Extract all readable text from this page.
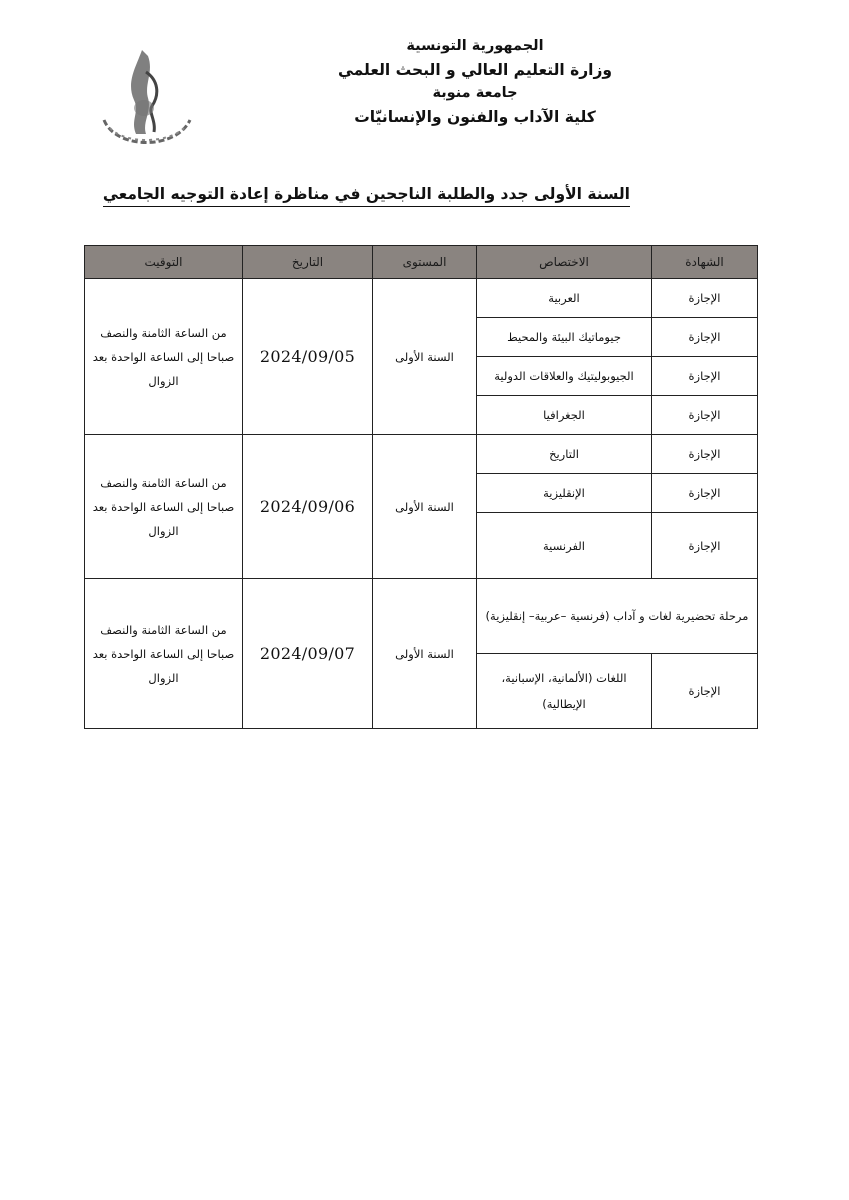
الجمهورية التونسية
وزارة التعليم العالي و البحث العلمي
جامعة منوبة
كلية الآداب والفنون والإنسانيّات
السنة الأولى جدد والطلبة الناجحين في مناظرة إعادة التوجيه الجامعي
الشهادة	الاختصاص	المستوى	التاريخ	التوقيت
الإجازة	العربية	السنة الأولى	2024/09/05	من الساعة الثامنة والنصف صباحا إلى الساعة الواحدة بعد الزوال
الإجازة	جيوماتيك البيئة والمحيط			
الإجازة	الجيوبوليتيك والعلاقات الدولية			
الإجازة	الجغرافيا			
الإجازة	التاريخ	السنة الأولى	2024/09/06	من الساعة الثامنة والنصف صباحا إلى الساعة الواحدة بعد الزوال
الإجازة	الإنقليزية			
الإجازة	الفرنسية			
مرحلة تحضيرية لغات و آداب (فرنسية –عربية– إنقليزية)		السنة الأولى	2024/09/07	من الساعة الثامنة والنصف صباحا إلى الساعة الواحدة بعد الزوال
الإجازة	اللغات (الألمانية، الإسبانية، الإيطالية)			
